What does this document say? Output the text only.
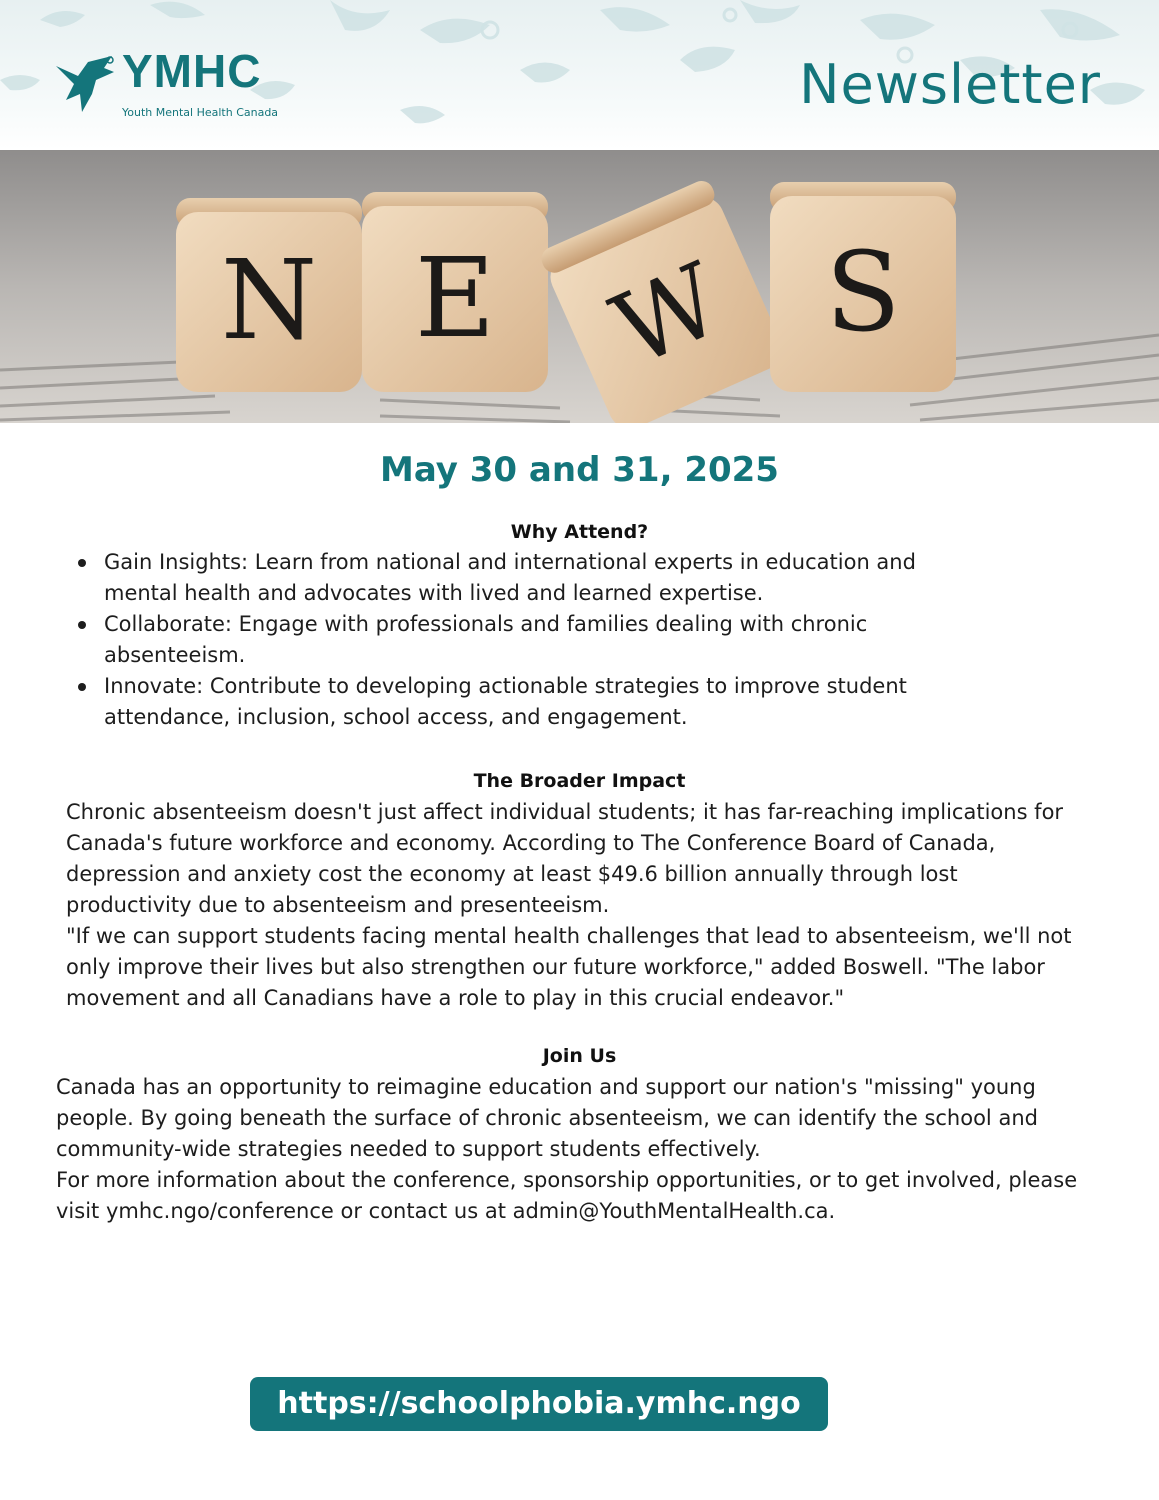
YMHC
Youth Mental Health Canada	Newsletter
N E W S
May 30 and 31, 2025
Why Attend?
Gain Insights: Learn from national and international experts in education and mental health and advocates with lived and learned expertise.
Collaborate: Engage with professionals and families dealing with chronic absenteeism.
Innovate: Contribute to developing actionable strategies to improve student attendance, inclusion, school access, and engagement.
The Broader Impact

Chronic absenteeism doesn't just affect individual students; it has far-reaching implications for Canada's future workforce and economy. According to The Conference Board of Canada, depression and anxiety cost the economy at least $49.6 billion annually through lost productivity due to absenteeism and presenteeism.

"If we can support students facing mental health challenges that lead to absenteeism, we'll not only improve their lives but also strengthen our future workforce," added Boswell. "The labor movement and all Canadians have a role to play in this crucial endeavor."

Join Us

Canada has an opportunity to reimagine education and support our nation's "missing" young people. By going beneath the surface of chronic absenteeism, we can identify the school and community-wide strategies needed to support students effectively.

For more information about the conference, sponsorship opportunities, or to get involved, please visit ymhc.ngo/conference or contact us at admin@YouthMentalHealth.ca.

https://schoolphobia.ymhc.ngo
